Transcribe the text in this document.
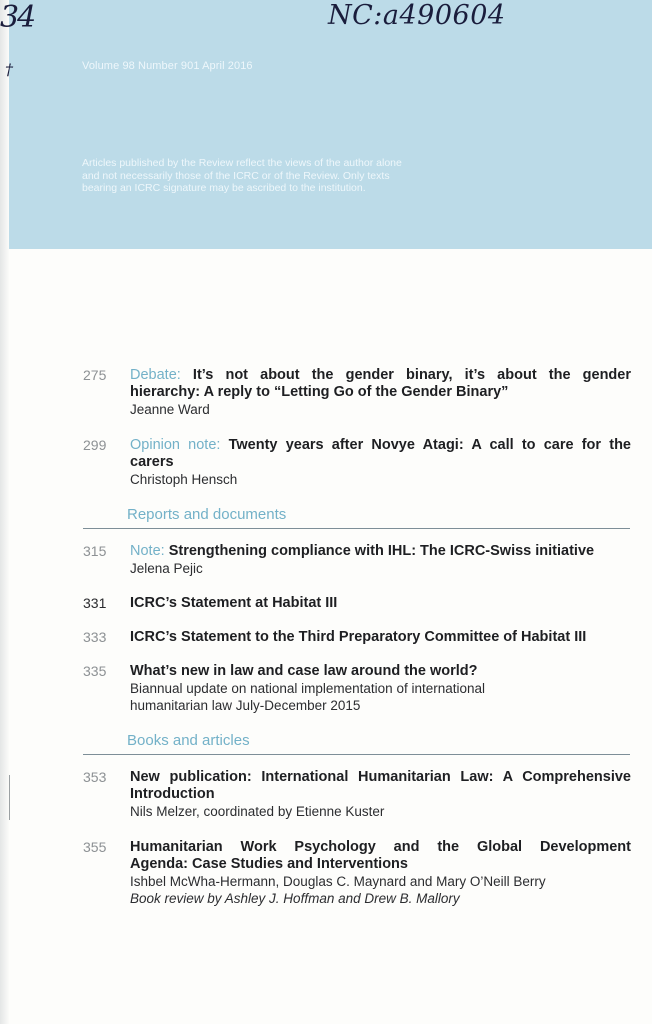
Volume 98 Number 901 April 2016
Articles published by the Review reflect the views of the author alone and not necessarily those of the ICRC or of the Review. Only texts bearing an ICRC signature may be ascribed to the institution.
34
†
NC:a490604
275	Debate: It’s not about the gender binary, it’s about the gender
hierarchy: A reply to “Letting Go of the Gender Binary”
Jeanne Ward
299	Opinion note: Twenty years after Novye Atagi: A call to care for the
carers
Christoph Hensch
Reports and documents
315	Note: Strengthening compliance with IHL: The ICRC-Swiss initiative
Jelena Pejic
331	ICRC’s Statement at Habitat III
333	ICRC’s Statement to the Third Preparatory Committee of Habitat III
335	What’s new in law and case law around the world?
Biannual update on national implementation of international
humanitarian law July-December 2015
Books and articles
353	New publication: International Humanitarian Law: A Comprehensive
Introduction
Nils Melzer, coordinated by Etienne Kuster
355	Humanitarian Work Psychology and the Global Development
Agenda: Case Studies and Interventions
Ishbel McWha-Hermann, Douglas C. Maynard and Mary O’Neill Berry
Book review by Ashley J. Hoffman and Drew B. Mallory
